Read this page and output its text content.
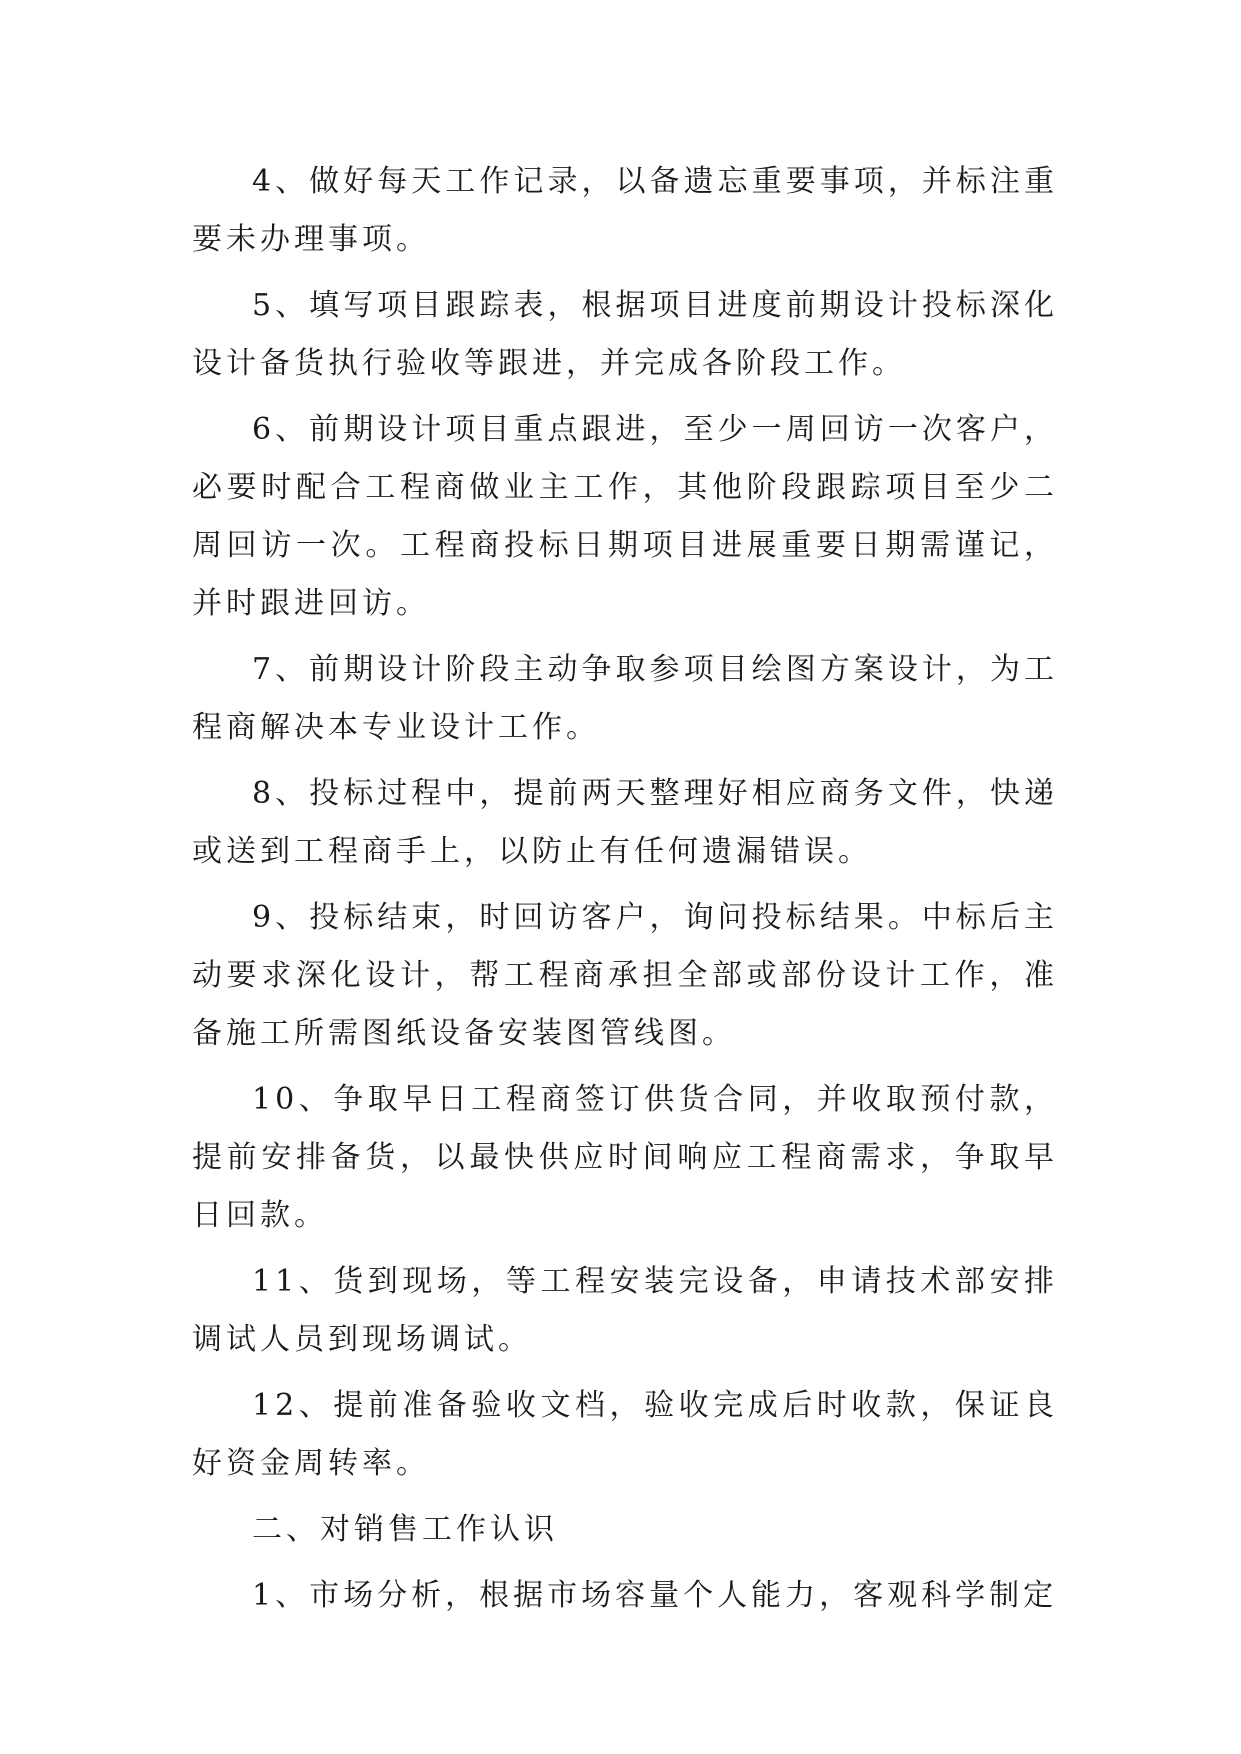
4、做好每天工作记录，以备遗忘重要事项，并标注重要未办理事项。

5、填写项目跟踪表，根据项目进度前期设计投标深化设计备货执行验收等跟进，并完成各阶段工作。

6、前期设计项目重点跟进，至少一周回访一次客户，必要时配合工程商做业主工作，其他阶段跟踪项目至少二周回访一次。工程商投标日期项目进展重要日期需谨记，并时跟进回访。

7、前期设计阶段主动争取参项目绘图方案设计，为工程商解决本专业设计工作。

8、投标过程中，提前两天整理好相应商务文件，快递或送到工程商手上，以防止有任何遗漏错误。

9、投标结束，时回访客户，询问投标结果。中标后主动要求深化设计，帮工程商承担全部或部份设计工作，准备施工所需图纸设备安装图管线图。

10、争取早日工程商签订供货合同，并收取预付款，提前安排备货，以最快供应时间响应工程商需求，争取早日回款。

11、货到现场，等工程安装完设备，申请技术部安排调试人员到现场调试。

12、提前准备验收文档，验收完成后时收款，保证良好资金周转率。

二、对销售工作认识

1、市场分析，根据市场容量个人能力，客观科学制定
